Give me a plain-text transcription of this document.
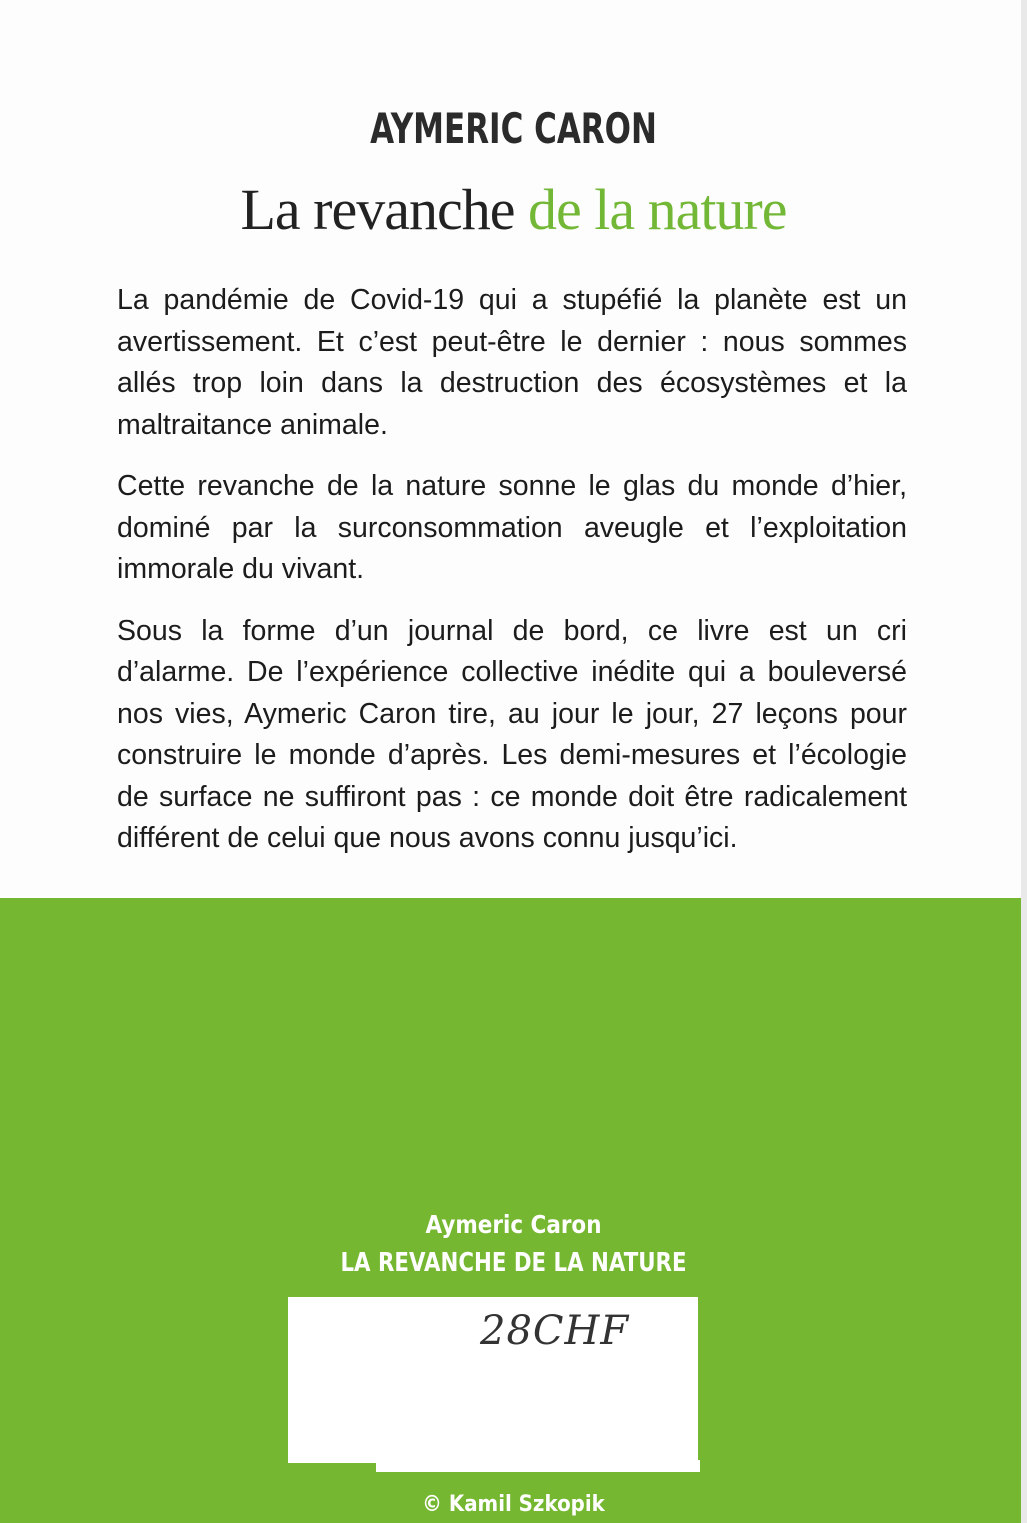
AYMERIC CARON
La revanche de la nature

La pandémie de Covid-19 qui a stupéfié la planète est un avertissement. Et c’est peut-être le dernier : nous sommes allés trop loin dans la destruction des écosystèmes et la maltraitance animale.

Cette revanche de la nature sonne le glas du monde d’hier, dominé par la surconsommation aveugle et l’exploitation immorale du vivant.

Sous la forme d’un journal de bord, ce livre est un cri d’alarme. De l’expérience collective inédite qui a bouleversé nos vies, Aymeric Caron tire, au jour le jour, 27 leçons pour construire le monde d’après. Les demi-mesures et l’écologie de surface ne suffiront pas : ce monde doit être radicalement différent de celui que nous avons connu jusqu’ici.

Aymeric Caron
LA REVANCHE DE LA NATURE
28CHF
© Kamil Szkopik
